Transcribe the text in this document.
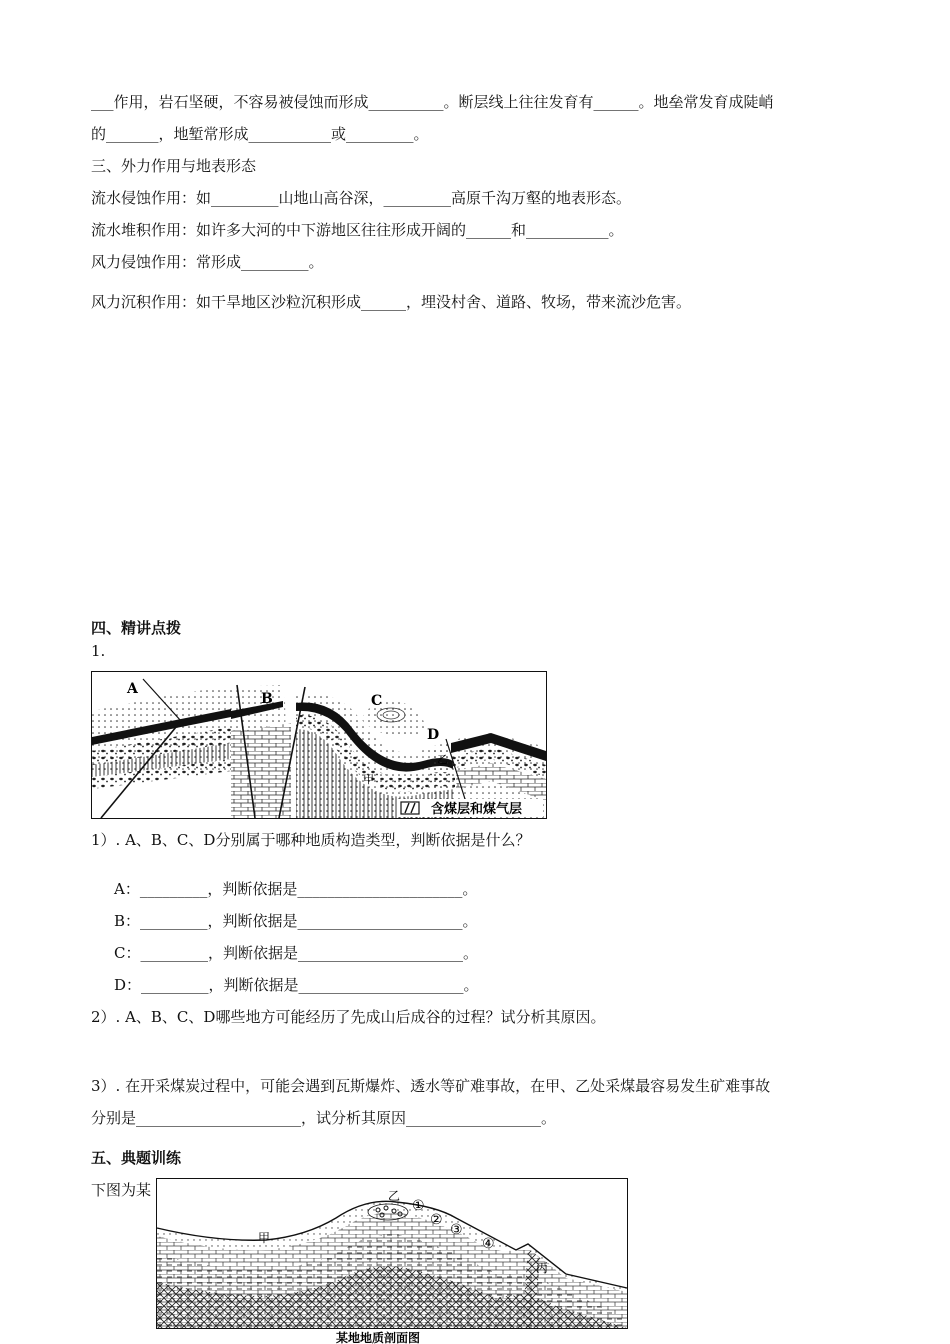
___作用，岩石坚硬，不容易被侵蚀而形成__________。断层线上往往发育有______。地垒常发育成陡峭
的_______，地堑常形成___________或_________。
三、外力作用与地表形态
流水侵蚀作用：如_________山地山高谷深，_________高原千沟万壑的地表形态。
流水堆积作用：如许多大河的中下游地区往往形成开阔的______和___________。
风力侵蚀作用：常形成_________。
风力沉积作用：如干旱地区沙粒沉积形成______，埋没村舍、道路、牧场，带来流沙危害。
四、精讲点拨
1.
A
B	C
D
甲
乙
含煤层和煤气层
1）. A、B、C、D分别属于哪种地质构造类型，判断依据是什么？
A：_________，判断依据是______________________。
B：_________，判断依据是______________________。
C：_________，判断依据是______________________。
D：_________，判断依据是______________________。
2）. A、B、C、D哪些地方可能经历了先成山后成谷的过程？试分析其原因。
3）. 在开采煤炭过程中，可能会遇到瓦斯爆炸、透水等矿难事故，在甲、乙处采煤最容易发生矿难事故
分别是______________________，试分析其原因__________________。
五、典题训练
下图为某	乙
甲
丙
①
②
③
④
某地地质剖面图
